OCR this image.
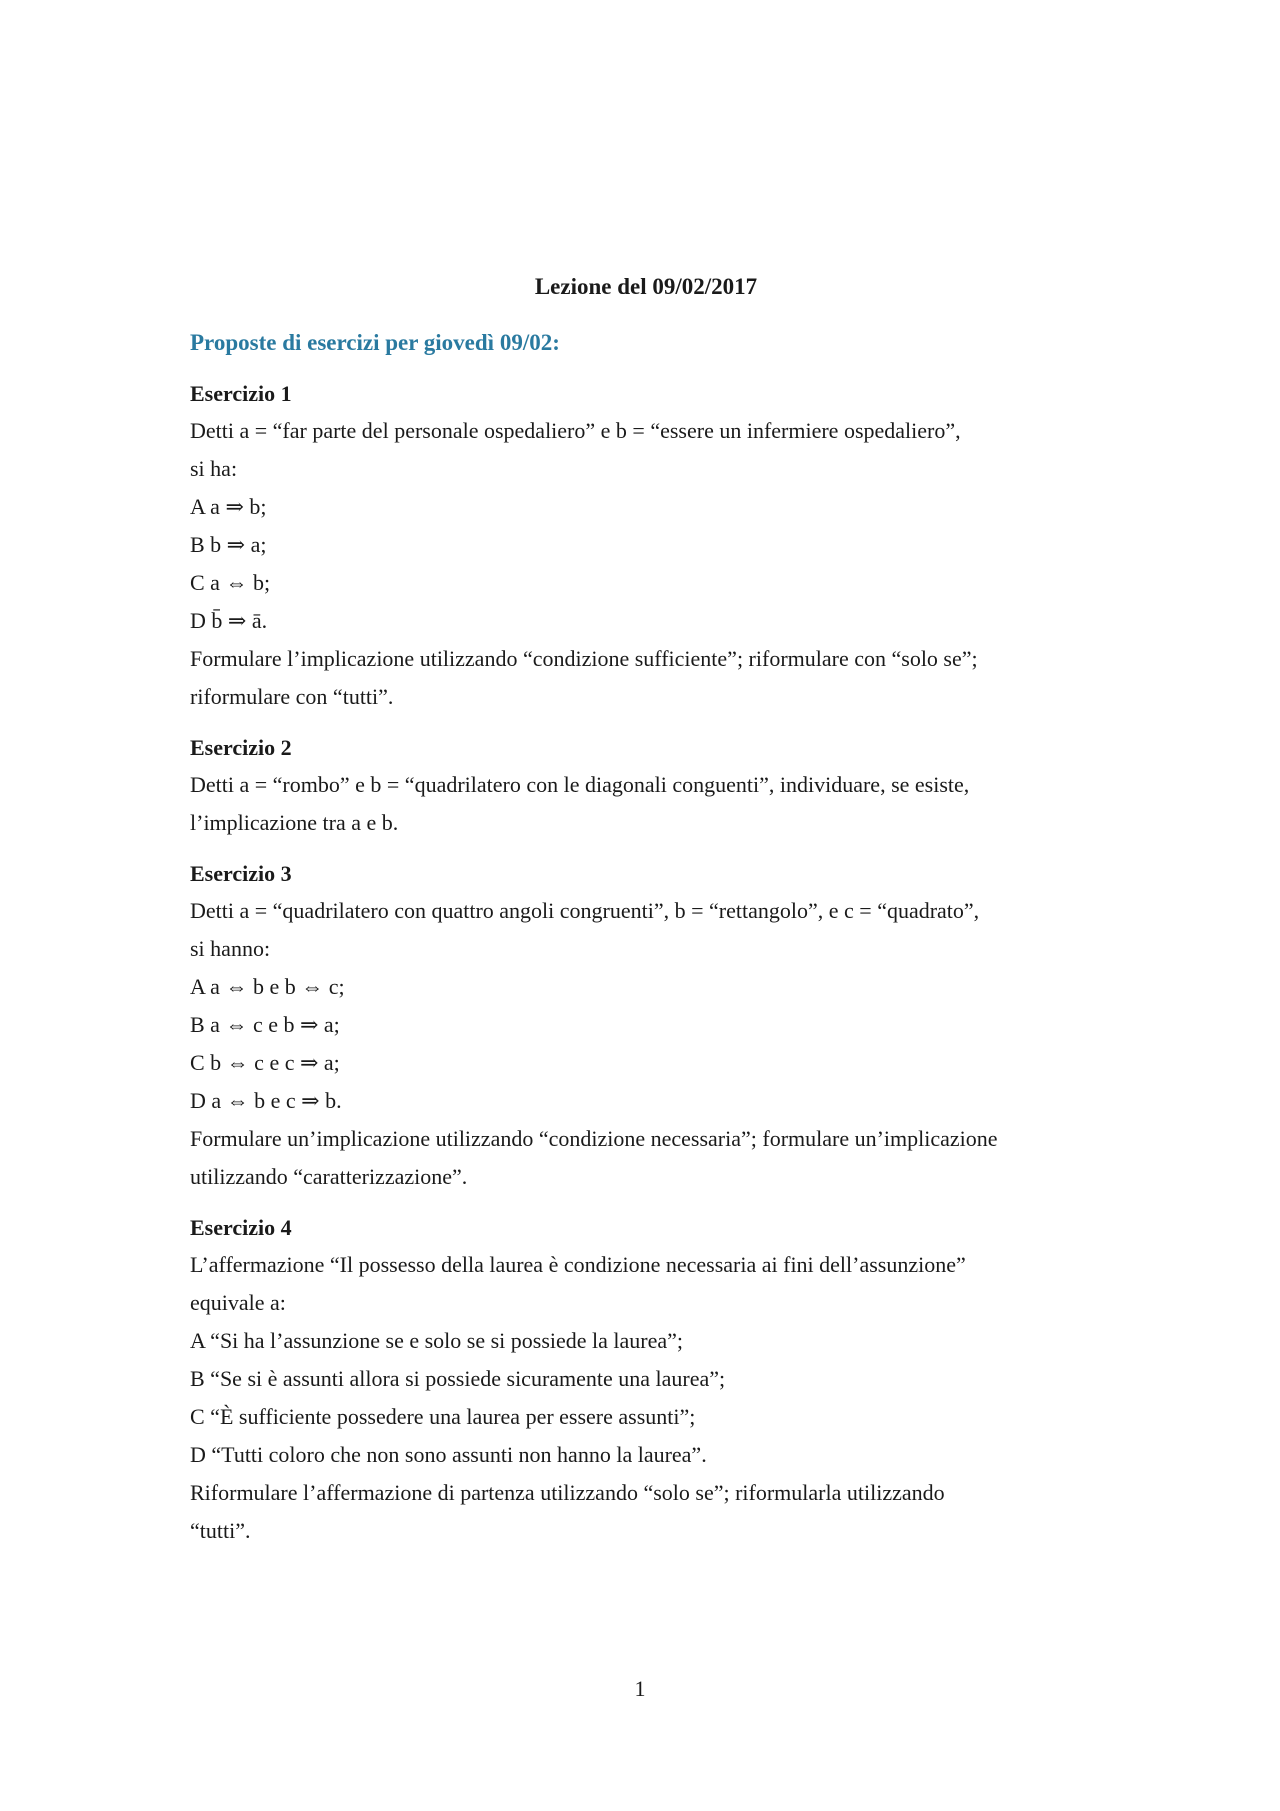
Lezione del 09/02/2017
Proposte di esercizi per giovedì 09/02:
Esercizio 1
Detti a = “far parte del personale ospedaliero” e b = “essere un infermiere ospedaliero”,
si ha:
A a ⇒ b;
B b ⇒ a;
C a ⇔ b;
D b̄ ⇒ ā.
Formulare l’implicazione utilizzando “condizione sufficiente”; riformulare con “solo se”;
riformulare con “tutti”.
Esercizio 2
Detti a = “rombo” e b = “quadrilatero con le diagonali conguenti”, individuare, se esiste,
l’implicazione tra a e b.
Esercizio 3
Detti a = “quadrilatero con quattro angoli congruenti”, b = “rettangolo”, e c = “quadrato”,
si hanno:
A a ⇔ b e b ⇔ c;
B a ⇔ c e b ⇒ a;
C b ⇔ c e c ⇒ a;
D a ⇔ b e c ⇒ b.
Formulare un’implicazione utilizzando “condizione necessaria”; formulare un’implicazione
utilizzando “caratterizzazione”.
Esercizio 4
L’affermazione “Il possesso della laurea è condizione necessaria ai fini dell’assunzione”
equivale a:
A “Si ha l’assunzione se e solo se si possiede la laurea”;
B “Se si è assunti allora si possiede sicuramente una laurea”;
C “È sufficiente possedere una laurea per essere assunti”;
D “Tutti coloro che non sono assunti non hanno la laurea”.
Riformulare l’affermazione di partenza utilizzando “solo se”; riformularla utilizzando
“tutti”.
1
